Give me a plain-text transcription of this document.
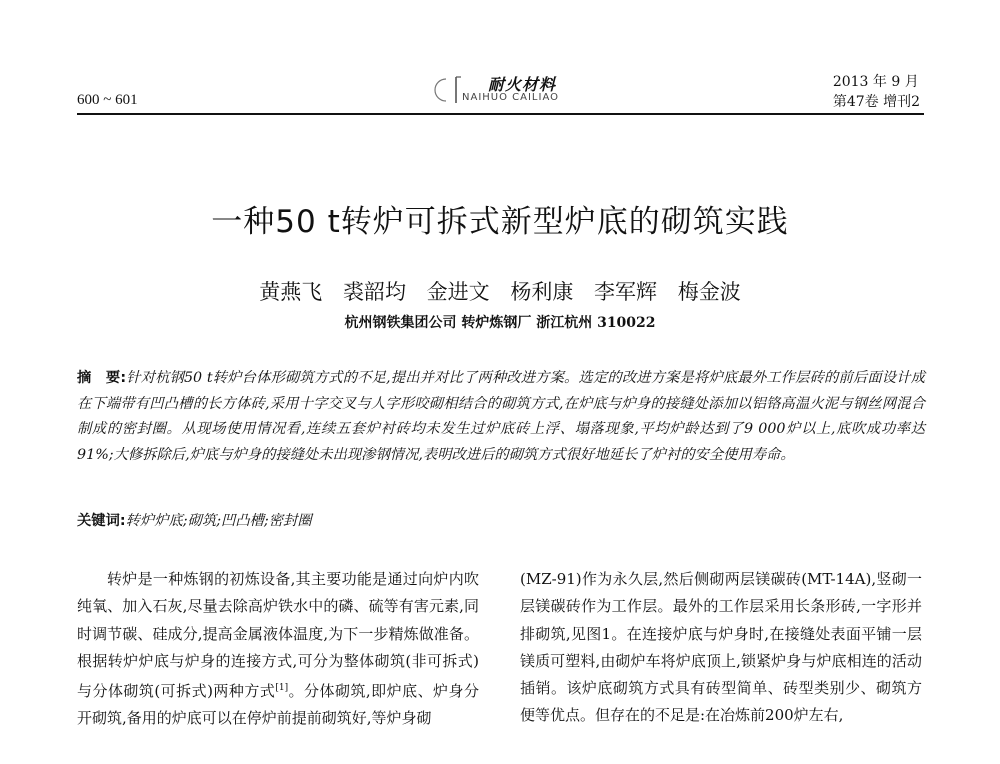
600 ~ 601
耐火材料
NAIHUO CAILIAO
2013 年 9 月
第47卷 增刊2
一种50 t转炉可拆式新型炉底的砌筑实践
黄燕飞 裘韶均 金进文 杨利康 李军辉 梅金波
杭州钢铁集团公司 转炉炼钢厂 浙江杭州 310022
摘　要:针对杭钢50 t转炉台体形砌筑方式的不足,提出并对比了两种改进方案。选定的改进方案是将炉底最外工作层砖的前后面设计成在下端带有凹凸槽的长方体砖,采用十字交叉与人字形咬砌相结合的砌筑方式,在炉底与炉身的接缝处添加以铝铬高温火泥与钢丝网混合制成的密封圈。从现场使用情况看,连续五套炉衬砖均未发生过炉底砖上浮、塌落现象,平均炉龄达到了9 000炉以上,底吹成功率达91%;大修拆除后,炉底与炉身的接缝处未出现渗钢情况,表明改进后的砌筑方式很好地延长了炉衬的安全使用寿命。
关键词:转炉炉底;砌筑;凹凸槽;密封圈
转炉是一种炼钢的初炼设备,其主要功能是通过向炉内吹纯氧、加入石灰,尽量去除高炉铁水中的磷、硫等有害元素,同时调节碳、硅成分,提高金属液体温度,为下一步精炼做准备。根据转炉炉底与炉身的连接方式,可分为整体砌筑(非可拆式)与分体砌筑(可拆式)两种方式[1]。分体砌筑,即炉底、炉身分开砌筑,备用的炉底可以在停炉前提前砌筑好,等炉身砌
(MZ-91)作为永久层,然后侧砌两层镁碳砖(MT-14A),竖砌一层镁碳砖作为工作层。最外的工作层采用长条形砖,一字形并排砌筑,见图1。在连接炉底与炉身时,在接缝处表面平铺一层镁质可塑料,由砌炉车将炉底顶上,锁紧炉身与炉底相连的活动插销。该炉底砌筑方式具有砖型简单、砖型类别少、砌筑方便等优点。但存在的不足是:在冶炼前200炉左右,
